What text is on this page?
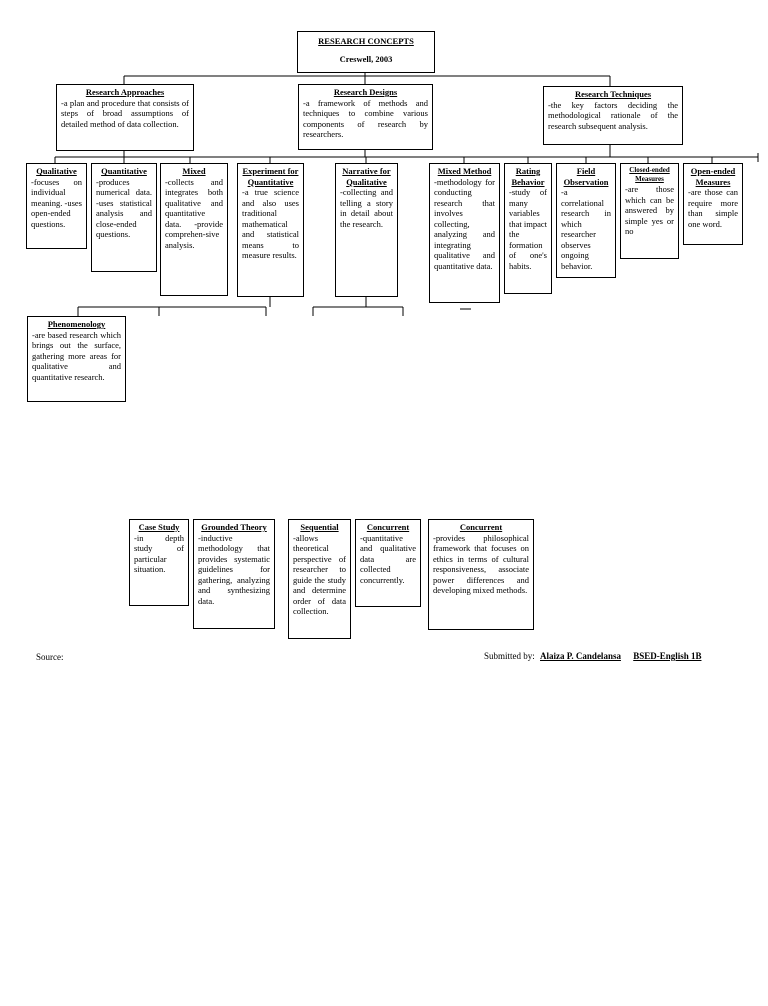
RESEARCH CONCEPTS
Creswell, 2003
Research Approaches
-a plan and procedure that consists of steps of broad assumptions of detailed method of data collection.
Research Designs
-a framework of methods and techniques to combine various components of research by researchers.
Research Techniques
-the key factors deciding the methodological rationale of the research subsequent analysis.
Qualitative
-focuses on individual meaning. -uses open-ended questions.
Quantitative
-produces numerical data. -uses statistical analysis and close-ended questions.
Mixed
-collects and integrates both qualitative and quantitative data. -provide comprehen-sive analysis.
Experiment for Quantitative
-a true science and also uses traditional mathematical and statistical means to measure results.
Narrative for Qualitative
-collecting and telling a story in detail about the research.
Mixed Method
-methodology for conducting research that involves collecting, analyzing and integrating qualitative and quantitative data.
Rating Behavior
-study of many variables that impact the formation of one's habits.
Field Observation
-a correlational research in which researcher observes ongoing behavior.
Closed-ended Measures
-are those which can be answered by simple yes or no
Open-ended Measures
-are those can require more than simple one word.
Phenomenology
-are based research which brings out the surface, gathering more areas for qualitative and quantitative research.
Case Study
-in depth study of particular situation.
Grounded Theory
-inductive methodology that provides systematic guidelines for gathering, analyzing and synthesizing data.
Sequential
-allows theoretical perspective of researcher to guide the study and determine order of data collection.
Concurrent
-quantitative and qualitative data are collected concurrently.
Concurrent
-provides philosophical framework that focuses on ethics in terms of cultural responsiveness, associate power differences and developing mixed methods.
Source:	Submitted by: Alaiza P. Candelansa BSED-English 1B
